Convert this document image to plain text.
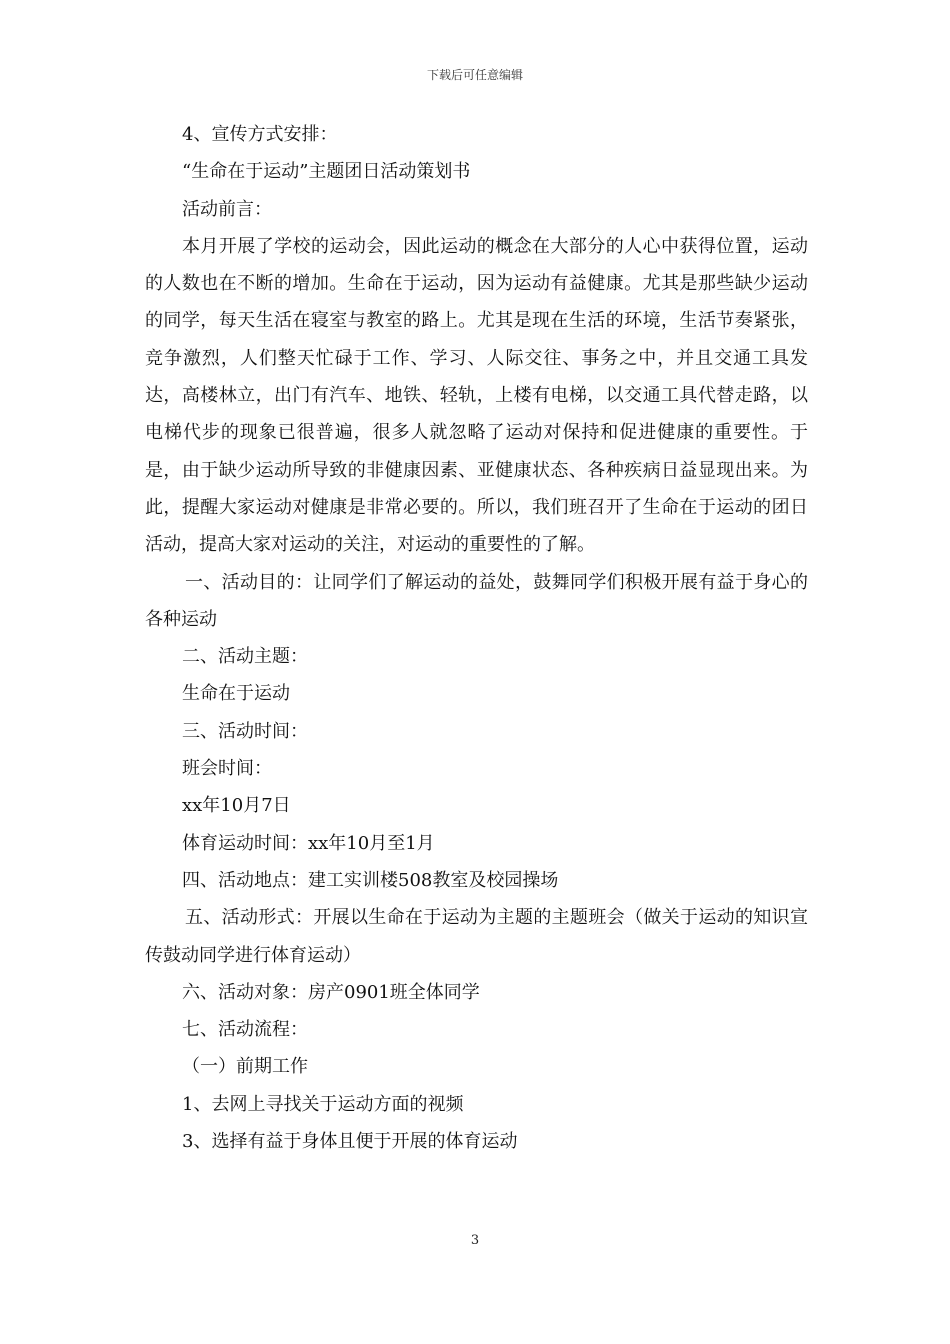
下载后可任意编辑
4、宣传方式安排：
“生命在于运动”主题团日活动策划书
活动前言：
本月开展了学校的运动会，因此运动的概念在大部分的人心中获得位置，运动的人数也在不断的增加。生命在于运动，因为运动有益健康。尤其是那些缺少运动的同学，每天生活在寝室与教室的路上。尤其是现在生活的环境，生活节奏紧张，竞争激烈，人们整天忙碌于工作、学习、人际交往、事务之中，并且交通工具发达，高楼林立，出门有汽车、地铁、轻轨，上楼有电梯，以交通工具代替走路，以电梯代步的现象已很普遍，很多人就忽略了运动对保持和促进健康的重要性。于是，由于缺少运动所导致的非健康因素、亚健康状态、各种疾病日益显现出来。为此，提醒大家运动对健康是非常必要的。所以，我们班召开了生命在于运动的团日活动，提高大家对运动的关注，对运动的重要性的了解。
一、活动目的：让同学们了解运动的益处，鼓舞同学们积极开展有益于身心的各种运动
二、活动主题：
生命在于运动
三、活动时间：
班会时间：
xx年10月7日
体育运动时间：xx年10月至1月
四、活动地点：建工实训楼508教室及校园操场
五、活动形式：开展以生命在于运动为主题的主题班会（做关于运动的知识宣传鼓动同学进行体育运动）
六、活动对象：房产0901班全体同学
七、活动流程：
（一）前期工作
1、去网上寻找关于运动方面的视频
3、选择有益于身体且便于开展的体育运动
3
